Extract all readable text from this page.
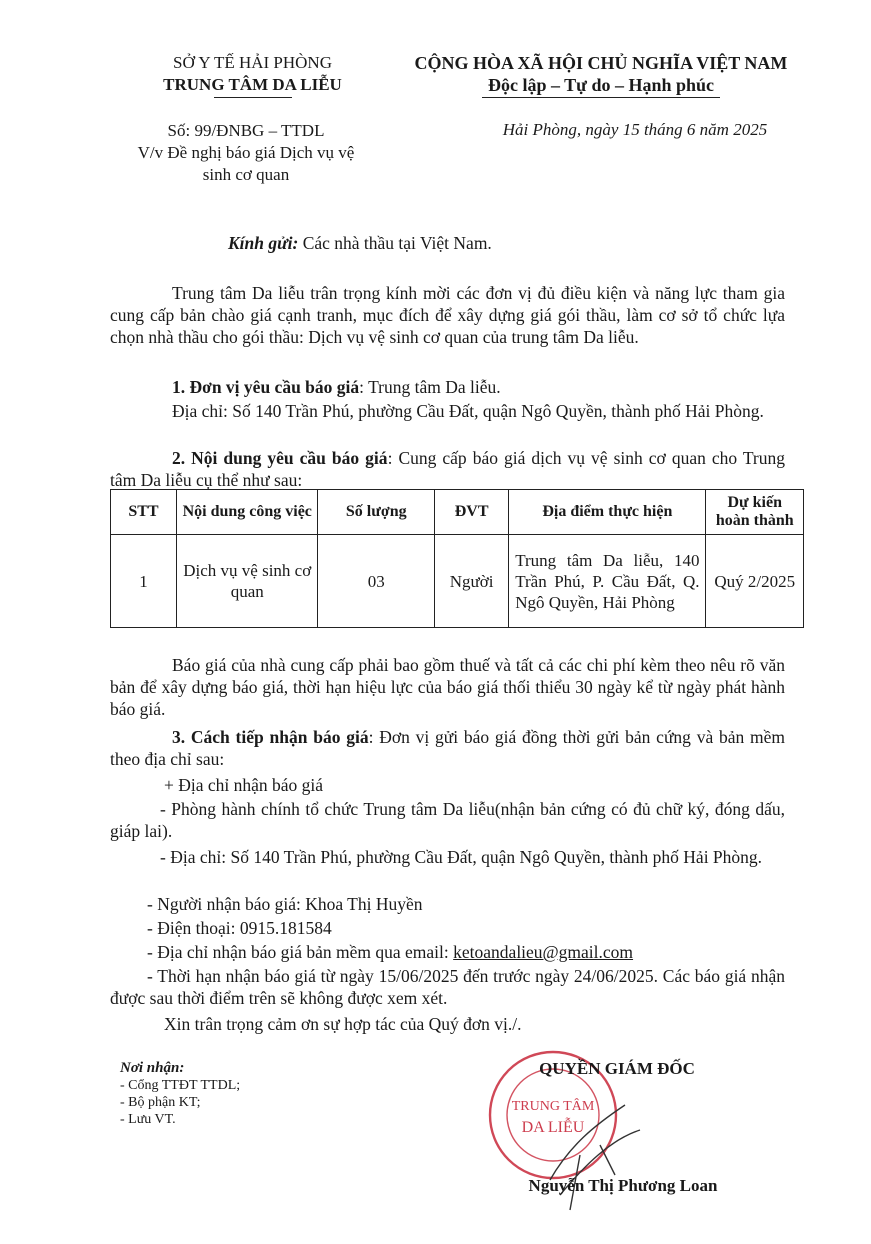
SỞ Y TẾ HẢI PHÒNG
TRUNG TÂM DA LIỄU
CỘNG HÒA XÃ HỘI CHỦ NGHĨA VIỆT NAM
Độc lập – Tự do – Hạnh phúc
Số: 99/ĐNBG – TTDL
V/v Đề nghị báo giá Dịch vụ vệ
sinh cơ quan
Hải Phòng, ngày 15 tháng 6 năm 2025
Kính gửi: Các nhà thầu tại Việt Nam.
Trung tâm Da liễu trân trọng kính mời các đơn vị đủ điều kiện và năng lực tham gia cung cấp bản chào giá cạnh tranh, mục đích để xây dựng giá gói thầu, làm cơ sở tổ chức lựa chọn nhà thầu cho gói thầu: Dịch vụ vệ sinh cơ quan của trung tâm Da liễu.
1. Đơn vị yêu cầu báo giá: Trung tâm Da liễu.
Địa chỉ: Số 140 Trần Phú, phường Cầu Đất, quận Ngô Quyền, thành phố Hải Phòng.
2. Nội dung yêu cầu báo giá: Cung cấp báo giá dịch vụ vệ sinh cơ quan cho Trung tâm Da liễu cụ thể như sau:
STT	Nội dung công việc	Số lượng	ĐVT	Địa điểm thực hiện	Dự kiến hoàn thành
1	Dịch vụ vệ sinh cơ quan	03	Người	Trung tâm Da liễu, 140 Trần Phú, P. Cầu Đất, Q. Ngô Quyền, Hải Phòng	Quý 2/2025
Báo giá của nhà cung cấp phải bao gồm thuế và tất cả các chi phí kèm theo nêu rõ văn bản để xây dựng báo giá, thời hạn hiệu lực của báo giá thối thiểu 30 ngày kể từ ngày phát hành báo giá.
3. Cách tiếp nhận báo giá: Đơn vị gửi báo giá đồng thời gửi bản cứng và bản mềm theo địa chỉ sau:
+ Địa chỉ nhận báo giá
- Phòng hành chính tổ chức Trung tâm Da liễu(nhận bản cứng có đủ chữ ký, đóng dấu, giáp lai).
- Địa chỉ: Số 140 Trần Phú, phường Cầu Đất, quận Ngô Quyền, thành phố Hải Phòng.
- Người nhận báo giá: Khoa Thị Huyền
- Điện thoại: 0915.181584
- Địa chỉ nhận báo giá bản mềm qua email: ketoandalieu@gmail.com
- Thời hạn nhận báo giá từ ngày 15/06/2025 đến trước ngày 24/06/2025. Các báo giá nhận được sau thời điểm trên sẽ không được xem xét.
Xin trân trọng cảm ơn sự hợp tác của Quý đơn vị./.
Nơi nhận:
- Cổng TTĐT TTDL;
- Bộ phận KT;
- Lưu VT.
TRUNG TÂM
DA LIỄU
QUYỀN GIÁM ĐỐC
Nguyễn Thị Phương Loan
